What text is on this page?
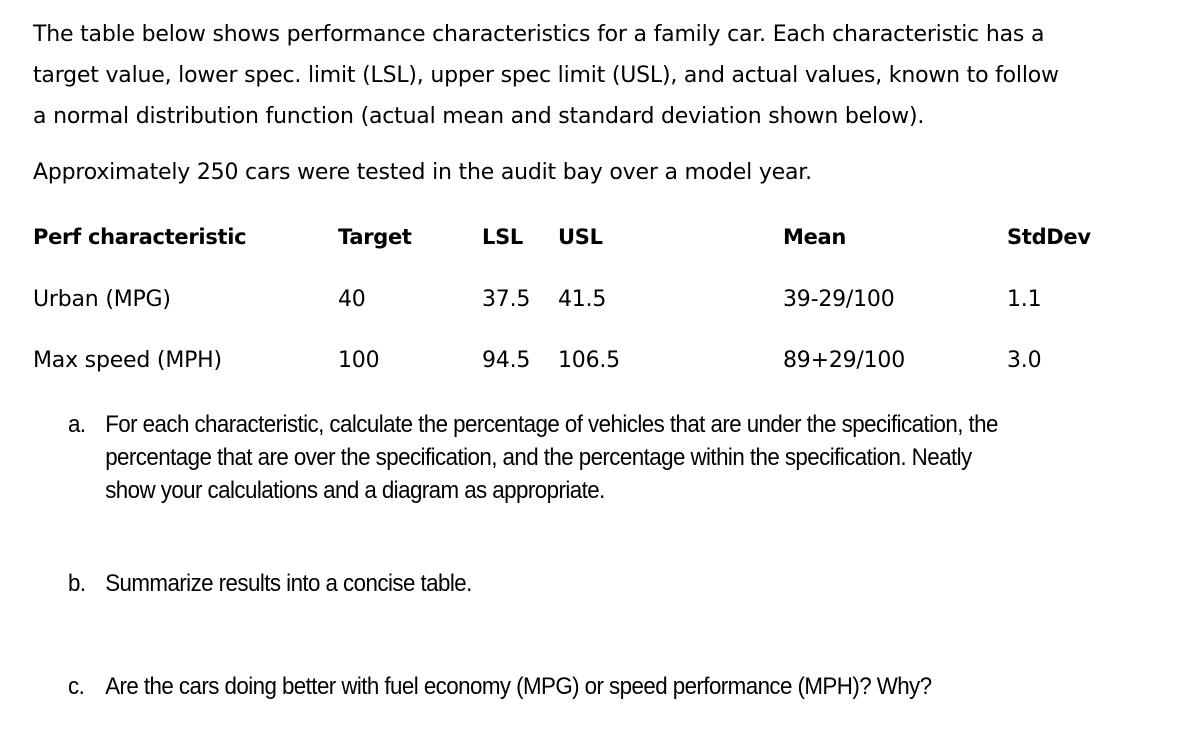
The table below shows performance characteristics for a family car. Each characteristic has a
target value, lower spec. limit (LSL), upper spec limit (USL), and actual values, known to follow
a normal distribution function (actual mean and standard deviation shown below).

Approximately 250 cars were tested in the audit bay over a model year.

Perf characteristic	Target	LSL USL	Mean	StdDev
Urban (MPG)	40	37.5 41.5	39-29/100	1.1
Max speed (MPH)	100	94.5 106.5	89+29/100	3.0
a. For each characteristic, calculate the percentage of vehicles that are under the specification, the
percentage that are over the specification, and the percentage within the specification. Neatly
show your calculations and a diagram as appropriate.
b. Summarize results into a concise table.
c. Are the cars doing better with fuel economy (MPG) or speed performance (MPH)? Why?
